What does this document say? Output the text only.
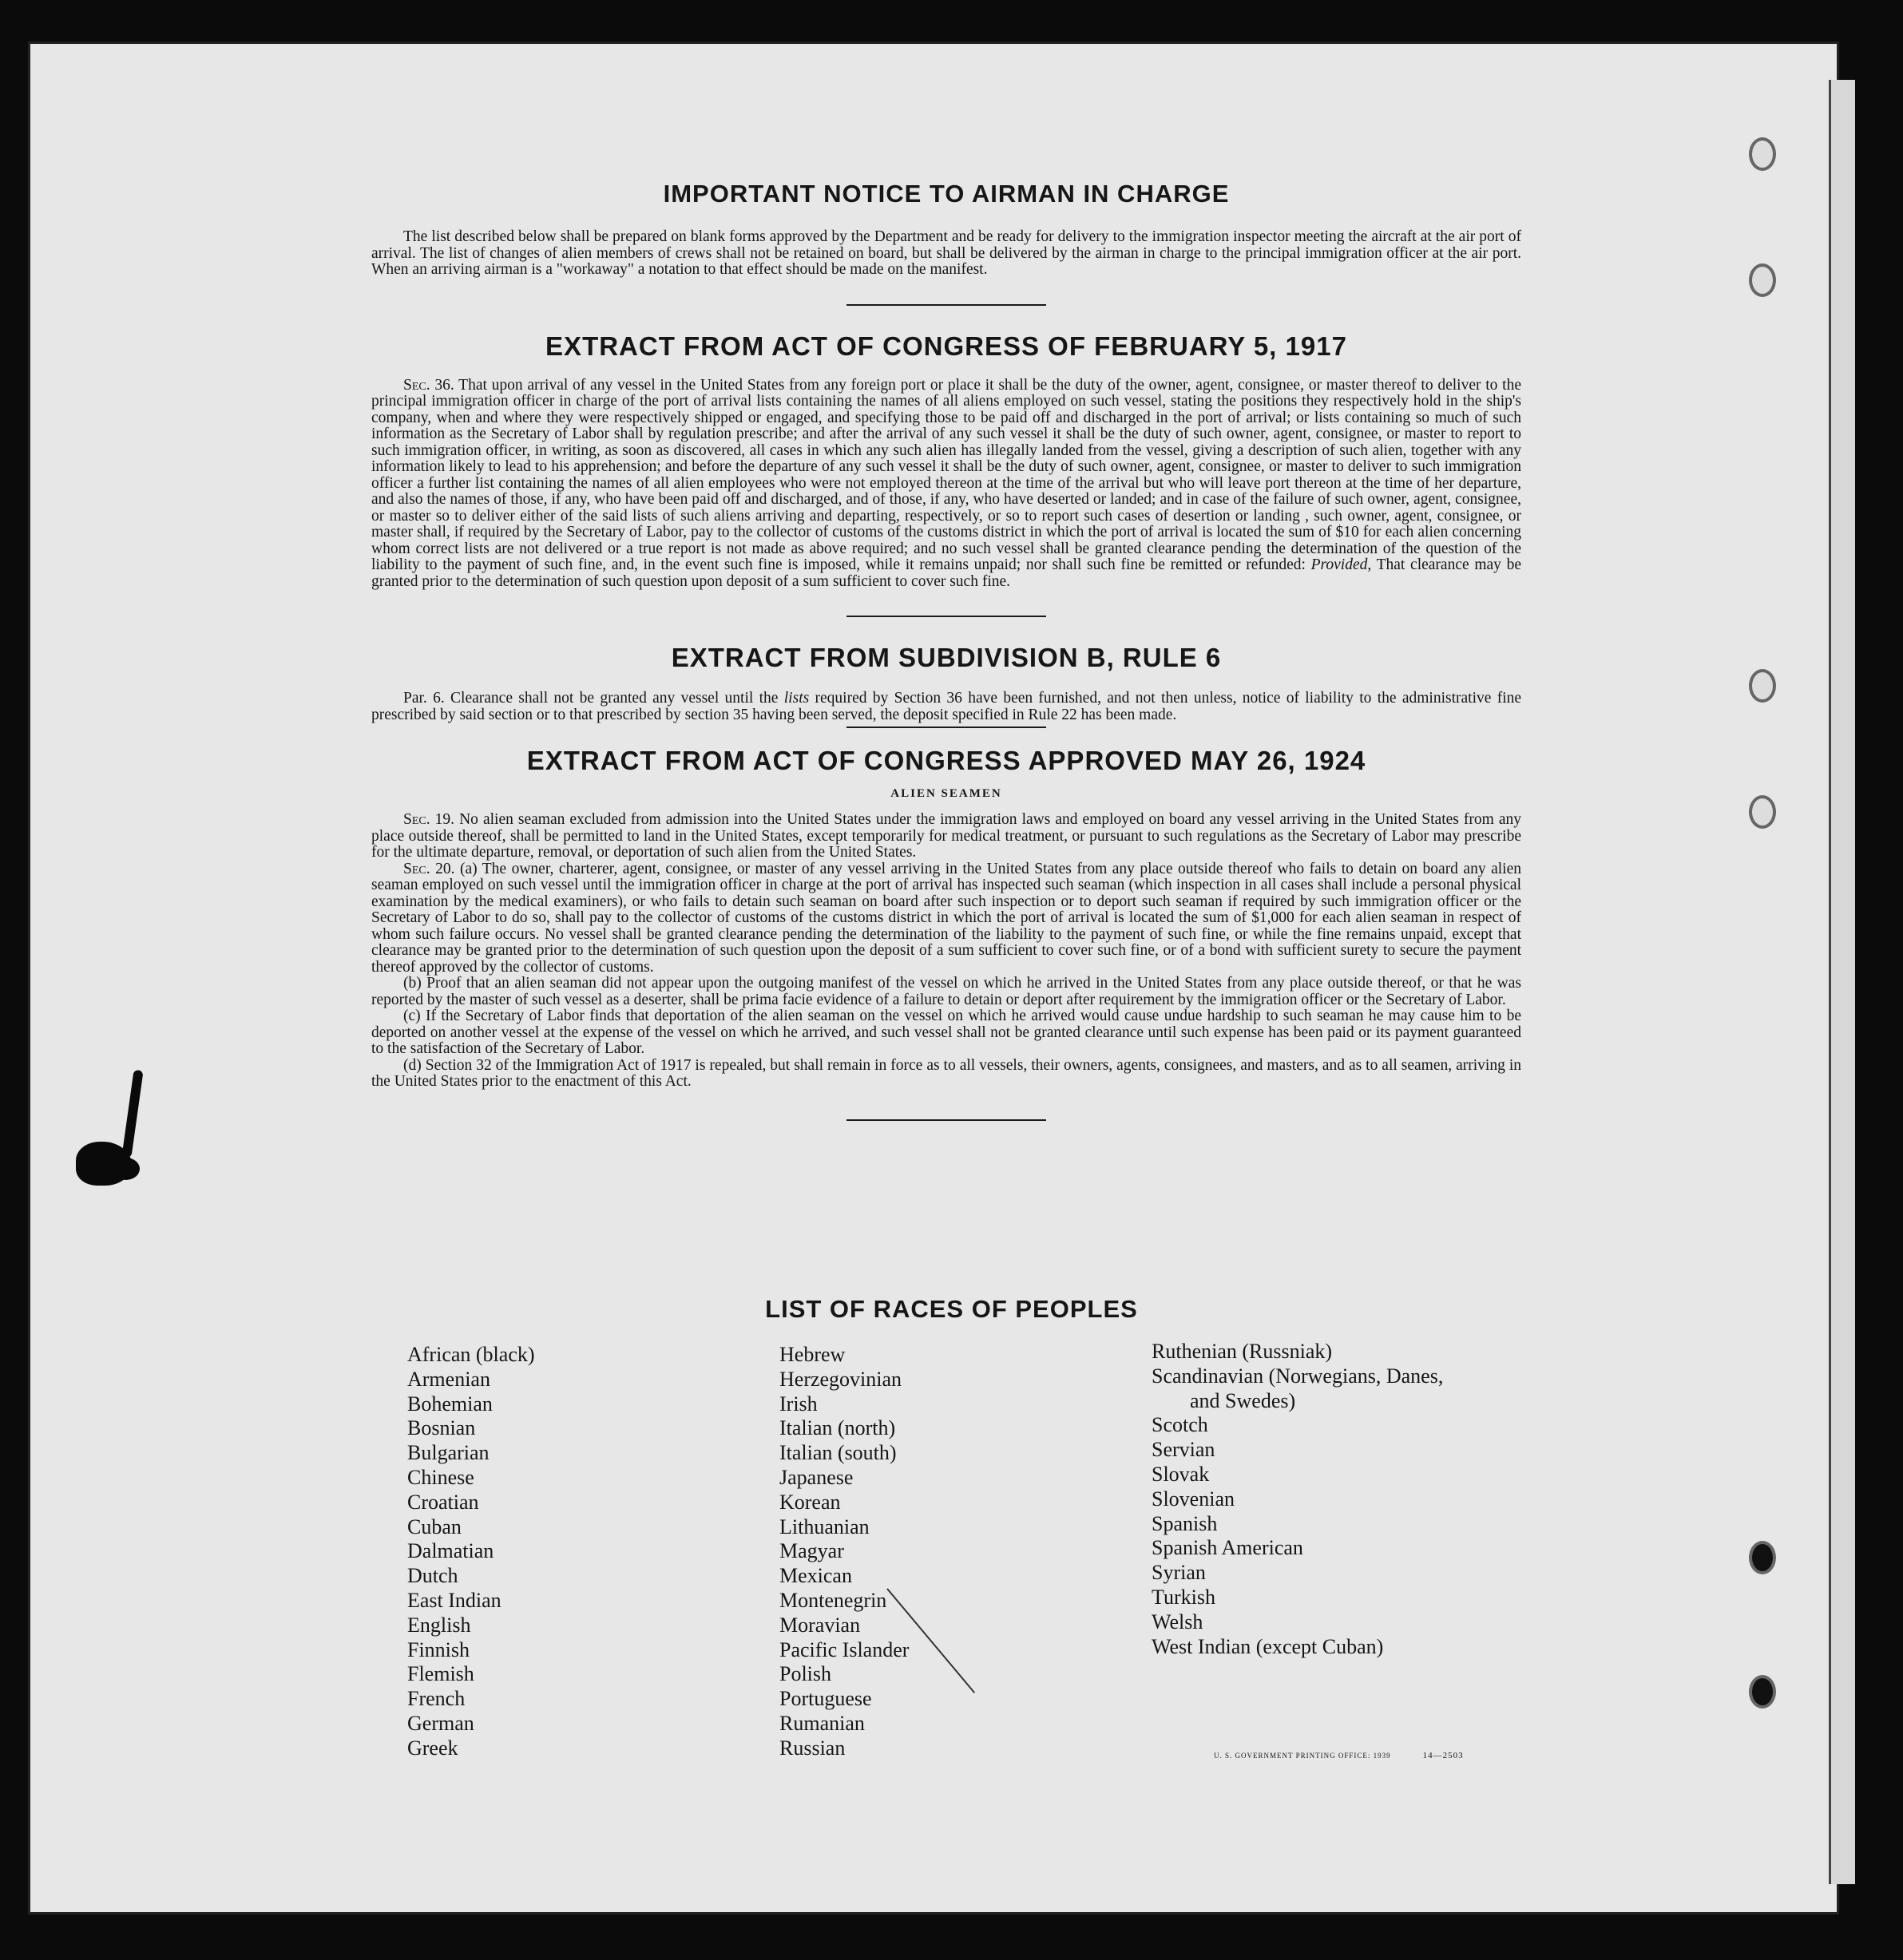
IMPORTANT NOTICE TO AIRMAN IN CHARGE

The list described below shall be prepared on blank forms approved by the Department and be ready for delivery to the immigration inspector meeting the aircraft at the air port of arrival. The list of changes of alien members of crews shall not be retained on board, but shall be delivered by the airman in charge to the principal immigration officer at the air port. When an arriving airman is a "workaway" a notation to that effect should be made on the manifest.

EXTRACT FROM ACT OF CONGRESS OF FEBRUARY 5, 1917

Sec. 36. That upon arrival of any vessel in the United States from any foreign port or place it shall be the duty of the owner, agent, consignee, or master thereof to deliver to the principal immigration officer in charge of the port of arrival lists containing the names of all aliens employed on such vessel, stating the positions they respectively hold in the ship's company, when and where they were respectively shipped or engaged, and specifying those to be paid off and discharged in the port of arrival; or lists containing so much of such information as the Secretary of Labor shall by regulation prescribe; and after the arrival of any such vessel it shall be the duty of such owner, agent, consignee, or master to report to such immigration officer, in writing, as soon as discovered, all cases in which any such alien has illegally landed from the vessel, giving a description of such alien, together with any information likely to lead to his apprehension; and before the departure of any such vessel it shall be the duty of such owner, agent, consignee, or master to deliver to such immigration officer a further list containing the names of all alien employees who were not employed thereon at the time of the arrival but who will leave port thereon at the time of her departure, and also the names of those, if any, who have been paid off and discharged, and of those, if any, who have deserted or landed; and in case of the failure of such owner, agent, consignee, or master so to deliver either of the said lists of such aliens arriving and departing, respectively, or so to report such cases of desertion or landing , such owner, agent, consignee, or master shall, if required by the Secretary of Labor, pay to the collector of customs of the customs district in which the port of arrival is located the sum of $10 for each alien concerning whom correct lists are not delivered or a true report is not made as above required; and no such vessel shall be granted clearance pending the determination of the question of the liability to the payment of such fine, and, in the event such fine is imposed, while it remains unpaid; nor shall such fine be remitted or refunded: Provided, That clearance may be granted prior to the determination of such question upon deposit of a sum sufficient to cover such fine.

EXTRACT FROM SUBDIVISION B, RULE 6

Par. 6. Clearance shall not be granted any vessel until the lists required by Section 36 have been furnished, and not then unless, notice of liability to the administrative fine prescribed by said section or to that prescribed by section 35 having been served, the deposit specified in Rule 22 has been made.

EXTRACT FROM ACT OF CONGRESS APPROVED MAY 26, 1924
ALIEN SEAMEN

Sec. 19. No alien seaman excluded from admission into the United States under the immigration laws and employed on board any vessel arriving in the United States from any place outside thereof, shall be permitted to land in the United States, except temporarily for medical treatment, or pursuant to such regulations as the Secretary of Labor may prescribe for the ultimate departure, removal, or deportation of such alien from the United States.

Sec. 20. (a) The owner, charterer, agent, consignee, or master of any vessel arriving in the United States from any place outside thereof who fails to detain on board any alien seaman employed on such vessel until the immigration officer in charge at the port of arrival has inspected such seaman (which inspection in all cases shall include a personal physical examination by the medical examiners), or who fails to detain such seaman on board after such inspection or to deport such seaman if required by such immigration officer or the Secretary of Labor to do so, shall pay to the collector of customs of the customs district in which the port of arrival is located the sum of $1,000 for each alien seaman in respect of whom such failure occurs. No vessel shall be granted clearance pending the determination of the liability to the payment of such fine, or while the fine remains unpaid, except that clearance may be granted prior to the determination of such question upon the deposit of a sum sufficient to cover such fine, or of a bond with sufficient surety to secure the payment thereof approved by the collector of customs.

(b) Proof that an alien seaman did not appear upon the outgoing manifest of the vessel on which he arrived in the United States from any place outside thereof, or that he was reported by the master of such vessel as a deserter, shall be prima facie evidence of a failure to detain or deport after requirement by the immigration officer or the Secretary of Labor.

(c) If the Secretary of Labor finds that deportation of the alien seaman on the vessel on which he arrived would cause undue hardship to such seaman he may cause him to be deported on another vessel at the expense of the vessel on which he arrived, and such vessel shall not be granted clearance until such expense has been paid or its payment guaranteed to the satisfaction of the Secretary of Labor.

(d) Section 32 of the Immigration Act of 1917 is repealed, but shall remain in force as to all vessels, their owners, agents, consignees, and masters, and as to all seamen, arriving in the United States prior to the enactment of this Act.

LIST OF RACES OF PEOPLES
African (black)
Armenian
Bohemian
Bosnian
Bulgarian
Chinese
Croatian
Cuban
Dalmatian
Dutch
East Indian
English
Finnish
Flemish
French
German
Greek
Hebrew
Herzegovinian
Irish
Italian (north)
Italian (south)
Japanese
Korean
Lithuanian
Magyar
Mexican
Montenegrin
Moravian
Pacific Islander
Polish
Portuguese
Rumanian
Russian
Ruthenian (Russniak)
Scandinavian (Norwegians, Danes,
and Swedes)
Scotch
Servian
Slovak
Slovenian
Spanish
Spanish American
Syrian
Turkish
Welsh
West Indian (except Cuban)
U. S. GOVERNMENT PRINTING OFFICE: 1939	14—2503
